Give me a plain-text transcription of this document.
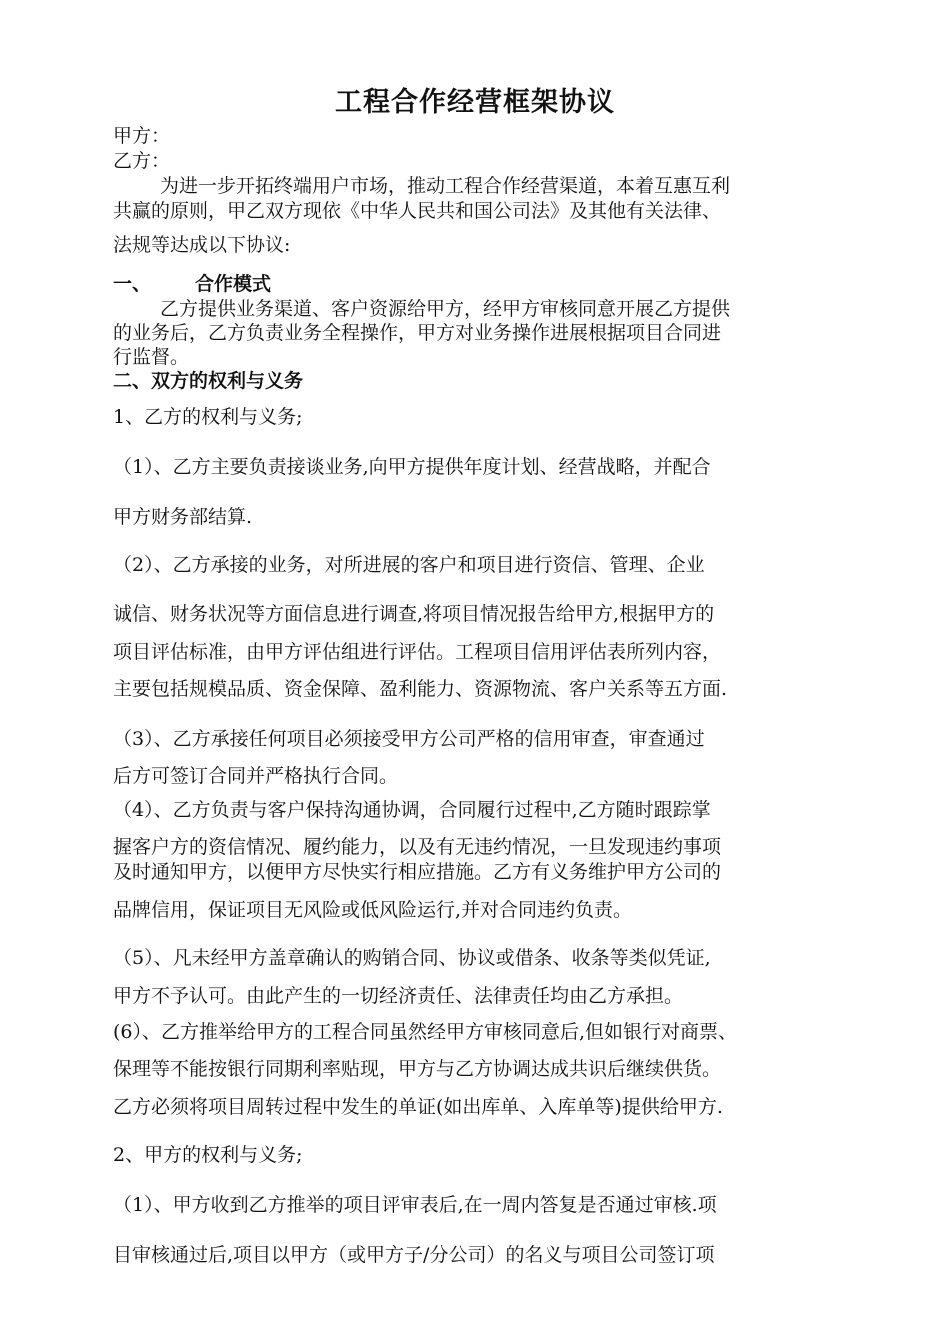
工程合作经营框架协议
甲方：
乙方：
为进一步开拓终端用户市场，推动工程合作经营渠道，本着互惠互利
共赢的原则，甲乙双方现依《中华人民共和国公司法》及其他有关法律、
法规等达成以下协议:
一、 合作模式
乙方提供业务渠道、客户资源给甲方，经甲方审核同意开展乙方提供
的业务后，乙方负责业务全程操作，甲方对业务操作进展根据项目合同进
行监督。
二、双方的权利与义务
1、乙方的权利与义务;
（1）、乙方主要负责接谈业务,向甲方提供年度计划、经营战略，并配合
甲方财务部结算.
（2）、乙方承接的业务，对所进展的客户和项目进行资信、管理、企业
诚信、财务状况等方面信息进行调查,将项目情况报告给甲方,根据甲方的
项目评估标准，由甲方评估组进行评估。工程项目信用评估表所列内容，
主要包括规模品质、资金保障、盈利能力、资源物流、客户关系等五方面.
（3）、乙方承接任何项目必须接受甲方公司严格的信用审查，审查通过
后方可签订合同并严格执行合同。
（4）、乙方负责与客户保持沟通协调，合同履行过程中,乙方随时跟踪掌
握客户方的资信情况、履约能力，以及有无违约情况，一旦发现违约事项
及时通知甲方，以便甲方尽快实行相应措施。乙方有义务维护甲方公司的
品牌信用，保证项目无风险或低风险运行,并对合同违约负责。
（5）、凡未经甲方盖章确认的购销合同、协议或借条、收条等类似凭证,
甲方不予认可。由此产生的一切经济责任、法律责任均由乙方承担。
(6）、乙方推举给甲方的工程合同虽然经甲方审核同意后,但如银行对商票、
保理等不能按银行同期利率贴现，甲方与乙方协调达成共识后继续供货。
乙方必须将项目周转过程中发生的单证(如出库单、入库单等)提供给甲方.
2、甲方的权利与义务;
（1）、甲方收到乙方推举的项目评审表后,在一周内答复是否通过审核.项
目审核通过后,项目以甲方（或甲方子/分公司）的名义与项目公司签订项
